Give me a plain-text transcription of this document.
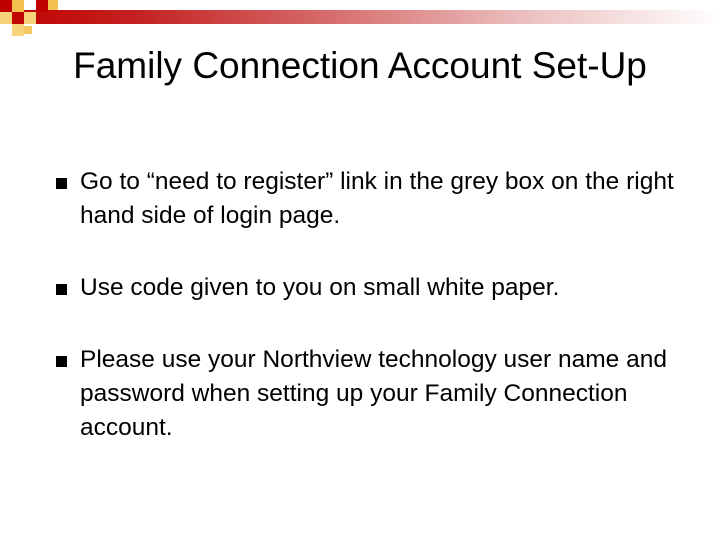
Family Connection Account Set-Up
Go to “need to register” link in the grey box on the right hand side of login page.
Use code given to you on small white paper.
Please use your Northview technology user name and password when setting up your Family Connection account.
